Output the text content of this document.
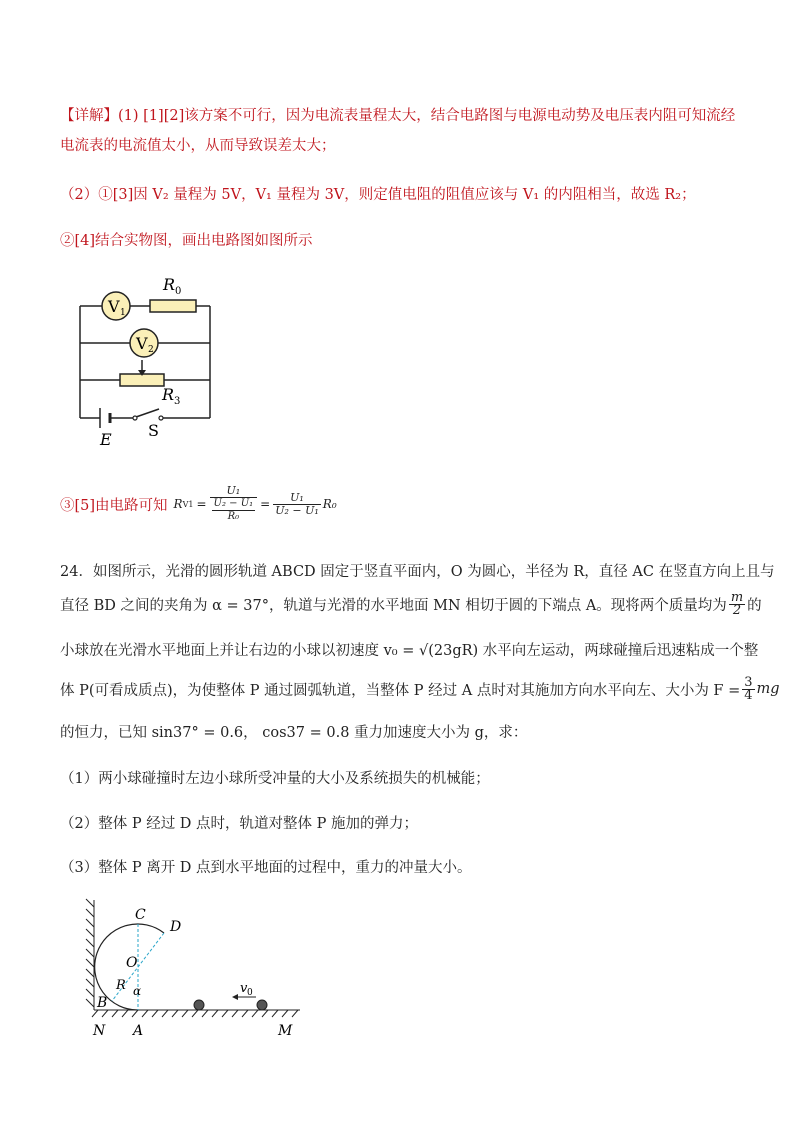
【详解】(1) [1][2]该方案不可行，因为电流表量程太大，结合电路图与电源电动势及电压表内阻可知流经
电流表的电流值太小，从而导致误差太大；
（2）①[3]因 V₂ 量程为 5V，V₁ 量程为 3V，则定值电阻的阻值应该与 V₁ 的内阻相当，故选 R₂；
②[4]结合实物图，画出电路图如图所示
V 1
R 0
V 2
R 3
E S
③[5]由电路可知 R $V1 = \frac{\text{U₁}}{\frac{\text{U₂ − U₁}}{\text{R₀}}} = \frac{\text{U₁}}{\text{U₂ − U₁}} R_0$
24．如图所示，光滑的圆形轨道 ABCD 固定于竖直平面内，O 为圆心，半径为 R，直径 AC 在竖直方向上且与
直径 BD 之间的夹角为 α = 37°，轨道与光滑的水平地面 MN 相切于圆的下端点 A。现将两个质量均为 $\frac{m}{2}$ 的
小球放在光滑水平地面上并让右边的小球以初速度 v₀ = √(23gR) 水平向左运动，两球碰撞后迅速粘成一个整
体 P(可看成质点)，为使整体 P 通过圆弧轨道，当整体 P 经过 A 点时对其施加方向水平向左、大小为 $F = \frac{3}{4}$ mg
的恒力，已知 sin37° = 0.6， cos37 = 0.8 重力加速度大小为 g，求：
（1）两小球碰撞时左边小球所受冲量的大小及系统损失的机械能；
（2）整体 P 经过 D 点时，轨道对整体 P 施加的弹力；
（3）整体 P 离开 D 点到水平地面的过程中，重力的冲量大小。
C
D
O
R α
B
N A	M
v 0
